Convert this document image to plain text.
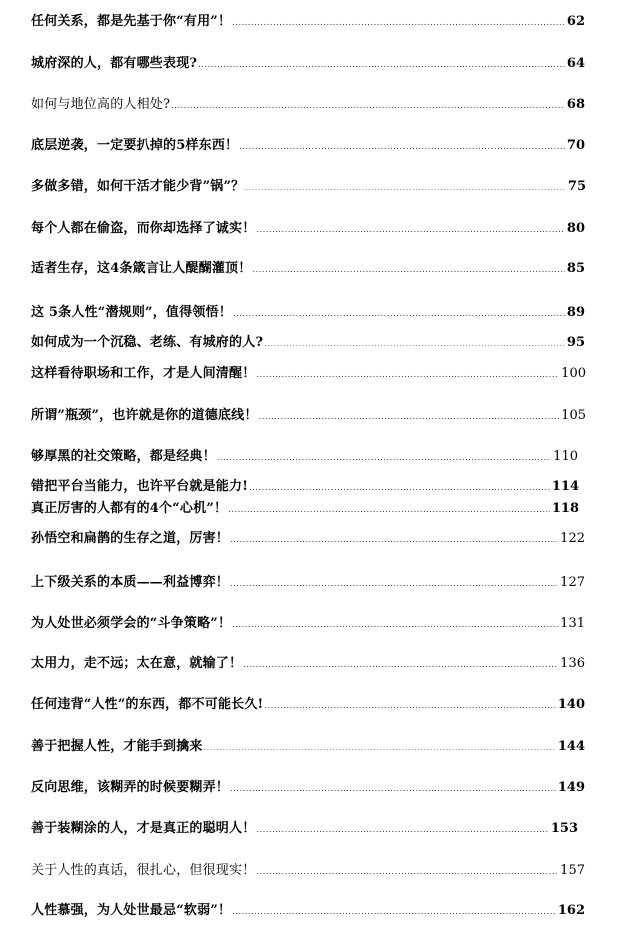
任何关系，都是先基于你“有用”！ .....	62
城府深的人，都有哪些表现? .....	64
如何与地位高的人相处? .....	68
底层逆袭，一定要扒掉的5样东西！ .....	70
多做多错，如何干活才能少背”锅”？ .....	75
每个人都在偷盗，而你却选择了诚实！ .....	80
适者生存，这4条箴言让人醍醐灌顶！ .....	85
这 5条人性“潜规则”，值得领悟！ .....	89
如何成为一个沉稳、老练、有城府的人? .....	95
这样看待职场和工作，才是人间清醒！ .....	100
所谓”瓶颈”，也许就是你的道德底线！ .....	105
够厚黑的社交策略，都是经典！ .....	110
错把平台当能力，也许平台就是能力! .....	114
真正厉害的人都有的4个“心机”！ .....	118
孙悟空和扁鹊的生存之道，厉害！ .....	122
上下级关系的本质——利益博弈！ .....	127
为人处世必须学会的“斗争策略”！ .....	131
太用力，走不远；太在意，就输了！ .....	136
任何违背“人性”的东西，都不可能长久! .....	140
善于把握人性，才能手到擒来 .....	144
反向思维，该糊弄的时候要糊弄！ .....	149
善于装糊涂的人，才是真正的聪明人！ .....	153
关于人性的真话，很扎心，但很现实！ .....	157
人性慕强，为人处世最忌“软弱”！ .....	162
